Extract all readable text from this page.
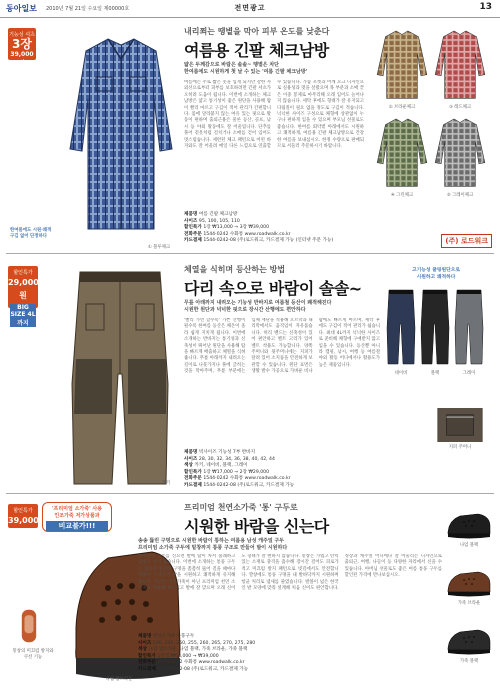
동아일보 2010년 7월 21일 수요일 제00000호	전면광고	13
기능성 셔츠
3장
39,000원
① 블루체크
한여름에도 시원·쾌적
구김 없어 단정하다
내리쬐는 땡볕을 막아 피부 온도를 낮춘다
여름용 긴팔 체크남방
얇은 두께감으로 바람은 솔솔~ 땡볕은 차단
한여름에도 시원하게 첫 날 수 있는 '여름 긴팔 체크남방'
여름에는 주로 짧은 옷을 입게 되지만 강한 자외선으로부터 피부를 보호하려면 긴팔 셔츠가 오히려 도움이 됩니다. 이번에 소개하는 체크남방은 얇고 통기성이 좋은 원단을 사용해 땀이 빨리 마르고 구김이 적어 관리가 간편합니다. 몸에 달라붙지 않는 여유 있는 핏으로 활동이 편하며 출퇴근용은 물론 등산, 골프, 낚시 등 야외 활동에도 잘 어울립니다. 단추를 풀어 겉옷처럼 걸치거나 소매를 걷어 입어도 멋스럽습니다. 세련된 체크 패턴으로 어떤 바지와도 잘 어울려 매일 다른 느낌으로 연출할 수 있습니다. 가슴 포켓과 어깨 요크 디자인으로 실용성과 멋을 살렸으며 목 부분과 소매 끝은 이중 봉제로 마무리해 오래 입어도 늘어나지 않습니다. 세탁 후에도 형태가 잘 유지되고 다림질이 필요 없을 정도로 구김이 적습니다. 넉넉한 사이즈 구성으로 체형에 상관없이 누구나 편하게 입을 수 있으며 부모님 선물로도 좋습니다. 한여름 뙤약볕 아래에서도 시원하고 쾌적하게, 여름용 긴팔 체크남방으로 건강한 여름을 보내십시오. 한정 수량으로 판매되므로 서둘러 주문하시기 바랍니다.
② 브라운체크	③ 레드체크
④ 그린체크	⑤ 그레이체크
제품명 여름 긴팔 체크남방
사이즈 95, 100, 105, 110
할인특가 1장 ₩13,000 → 3장 ₩39,000
전화주문 1544-0242 수화통 www.roadwalk.co.kr
카드결제 1544-0242-08 (주)로드워크, 카드결제 가능 (인터넷 주문 가능)	(주) 로드워크
할인특가
29,000원
BIG SIZE 4L까지
카키
체열을 식히며 등산하는 방법
다리 속으로 바람이 솔솔~
무릎 아래까지 내려오는 기능성 반바지로 여름철 등산이 쾌적해진다
시원한 원단과 넉넉한 핏으로 장시간 산행에도 편안하다
'빨리 가면 할수록' 가쁜 산행이 될수록 한여름 등산은 체온이 올라 쉽게 지치게 됩니다. 이번에 소개하는 반바지는 통기성과 신축성이 뛰어난 원단을 사용해 땀을 빠르게 배출하고 체열을 식혀줍니다. 무릎 아래까지 내려오는 길이로 나뭇가지나 풀에 긁히는 것을 막아주며, 무릎 부분에는 입체 재단을 적용해 오르막과 내리막에서도 움직임이 자유롭습니다. 허리 밴드는 신축성이 있어 편안하고 벨트 고리가 있어 벨트 착용도 가능합니다. 양쪽 주머니와 뒷주머니에는 지퍼가 달려 있어 소지품을 안전하게 보관할 수 있습니다. 원단 표면은 생활 발수 가공으로 가벼운 비나 땀에도 빠르게 마르며, 세탁 후에도 구김이 적어 관리가 쉽습니다. 최대 4L까지 넉넉한 사이즈로 준비해 체형에 구애받지 않고 입을 수 있습니다. 등산뿐 아니라 캠핑, 낚시, 여행 등 여름철 야외 활동 어디에서나 활용도가 높은 제품입니다.
고기능성 쿨링원단으로
시원하고 쾌적하다
네이비	블랙	그레이
지퍼 주머니
제품명 빅사이즈 기능성 7부 반바지
사이즈 28, 30, 32, 34, 36, 38, 40, 42, 44
색상 카키, 네이비, 블랙, 그레이
할인특가 1장 ₩17,000 → 2장 ₩29,000
전화주문 1544-0242 수화통 www.roadwalk.co.kr
카드결제 1544-0242-08 (주)로드워크, 카드결제 가능
할인특가
39,000원
'프리미엄 소가죽' 사용
인조가죽 저가상품과
비교불가!!!
밑창의 미끄럼 방지와
쿠션 기능
나염 밤브라운
프리미엄 천연소가죽 '통' 구두로
시원한 바람을 신는다
송송 뚫린 구멍으로 시원한 바람이 통하는 여름용 남성 캐주얼 구두
프리미엄 소가죽 구두에 밑창까지 통풍 구조로 만들어 발이 시원하다
한여름에 구두를 신으면 발에 땀이 차서 불쾌하고 냄새가 나기 쉽습니다. 이번에 소개하는 통풍 구두는 발등과 옆면에 구멍을 촘촘히 뚫어 걸을 때마다 바람이 드나들어 발을 시원하고 쾌적하게 유지해 줍니다. 겉감은 인조가죽이 아닌 프리미엄 천연 소가죽을 사용해 부드럽고 발에 잘 맞으며 오래 신어도 형태가 잘 변하지 않습니다. 밑창은 가볍고 탄력 있는 소재로 충격을 흡수해 장시간 걸어도 피로가 적고 미끄럼 방지 패턴으로 빗길에서도 안전합니다. 깔창에도 통풍 구멍을 내 발바닥까지 시원하며 항균 처리로 냄새를 줄였습니다. 발볼이 넓은 한국인 발 모양에 맞춰 설계해 처음 신어도 편안합니다. 정장과 캐주얼 어디에나 잘 어울리는 디자인으로 출퇴근, 여행, 나들이 등 다양한 자리에서 신을 수 있습니다. 아버님 선물로도 좋은 여름 통풍 구두를 할인된 가격에 만나보십시오.
나염 블랙
가죽 브라운
가죽 블랙
제품명 천연소가죽 통풍구두
사이즈 240, 245, 250, 255, 260, 265, 270, 275, 280
색상 나염 밤브라운, 나염 블랙, 가죽 브라운, 가죽 블랙
할인특가 1켤레 ₩63,000 → ₩39,000
전화주문 1544-0242 수화통 www.roadwalk.co.kr
카드결제 1544-0242-08 (주)로드워크, 카드결제 가능
